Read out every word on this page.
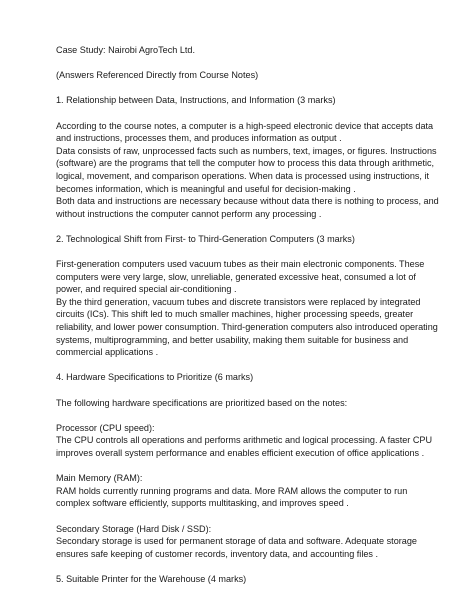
Case Study: Nairobi AgroTech Ltd.
(Answers Referenced Directly from Course Notes)
1. Relationship between Data, Instructions, and Information (3 marks)
According to the course notes, a computer is a high-speed electronic device that accepts data
and instructions, processes them, and produces information as output .
Data consists of raw, unprocessed facts such as numbers, text, images, or figures. Instructions
(software) are the programs that tell the computer how to process this data through arithmetic,
logical, movement, and comparison operations. When data is processed using instructions, it
becomes information, which is meaningful and useful for decision-making .
Both data and instructions are necessary because without data there is nothing to process, and
without instructions the computer cannot perform any processing .
2. Technological Shift from First- to Third-Generation Computers (3 marks)
First-generation computers used vacuum tubes as their main electronic components. These
computers were very large, slow, unreliable, generated excessive heat, consumed a lot of
power, and required special air-conditioning .
By the third generation, vacuum tubes and discrete transistors were replaced by integrated
circuits (ICs). This shift led to much smaller machines, higher processing speeds, greater
reliability, and lower power consumption. Third-generation computers also introduced operating
systems, multiprogramming, and better usability, making them suitable for business and
commercial applications .
4. Hardware Specifications to Prioritize (6 marks)
The following hardware specifications are prioritized based on the notes:
Processor (CPU speed):
The CPU controls all operations and performs arithmetic and logical processing. A faster CPU
improves overall system performance and enables efficient execution of office applications .
Main Memory (RAM):
RAM holds currently running programs and data. More RAM allows the computer to run
complex software efficiently, supports multitasking, and improves speed .
Secondary Storage (Hard Disk / SSD):
Secondary storage is used for permanent storage of data and software. Adequate storage
ensures safe keeping of customer records, inventory data, and accounting files .
5. Suitable Printer for the Warehouse (4 marks)
